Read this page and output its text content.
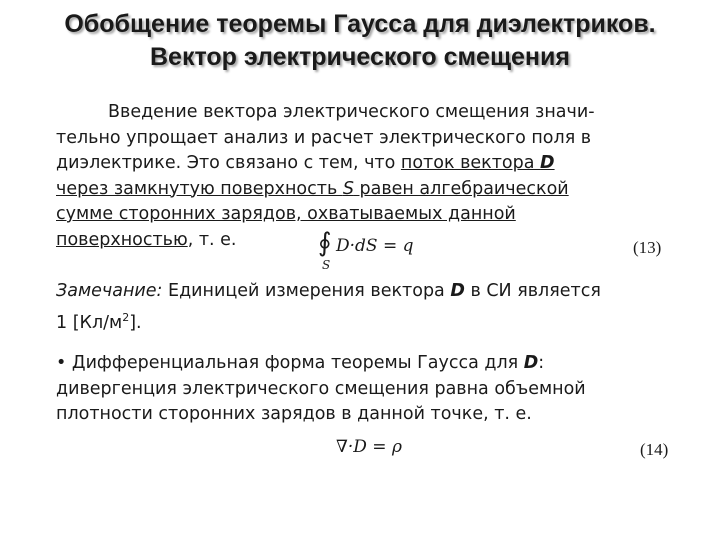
Обобщение теоремы Гаусса для диэлектриков.
Вектор электрического смещения
Введение вектора электрического смещения значи-
тельно упрощает анализ и расчет электрического поля в
диэлектрике. Это связано с тем, что поток вектора D
через замкнутую поверхность S равен алгебраической
сумме сторонних зарядов, охватываемых данной
поверхностью, т. е.	∮ D·dS = q
S
(13)
Замечание: Единицей измерения вектора D в СИ является
1 $[Кл/м^2]$.
• Дифференциальная форма теоремы Гаусса для D:
дивергенция электрического смещения равна объемной
плотности сторонних зарядов в данной точке, т. е.
∇·D = ρ	(14)
